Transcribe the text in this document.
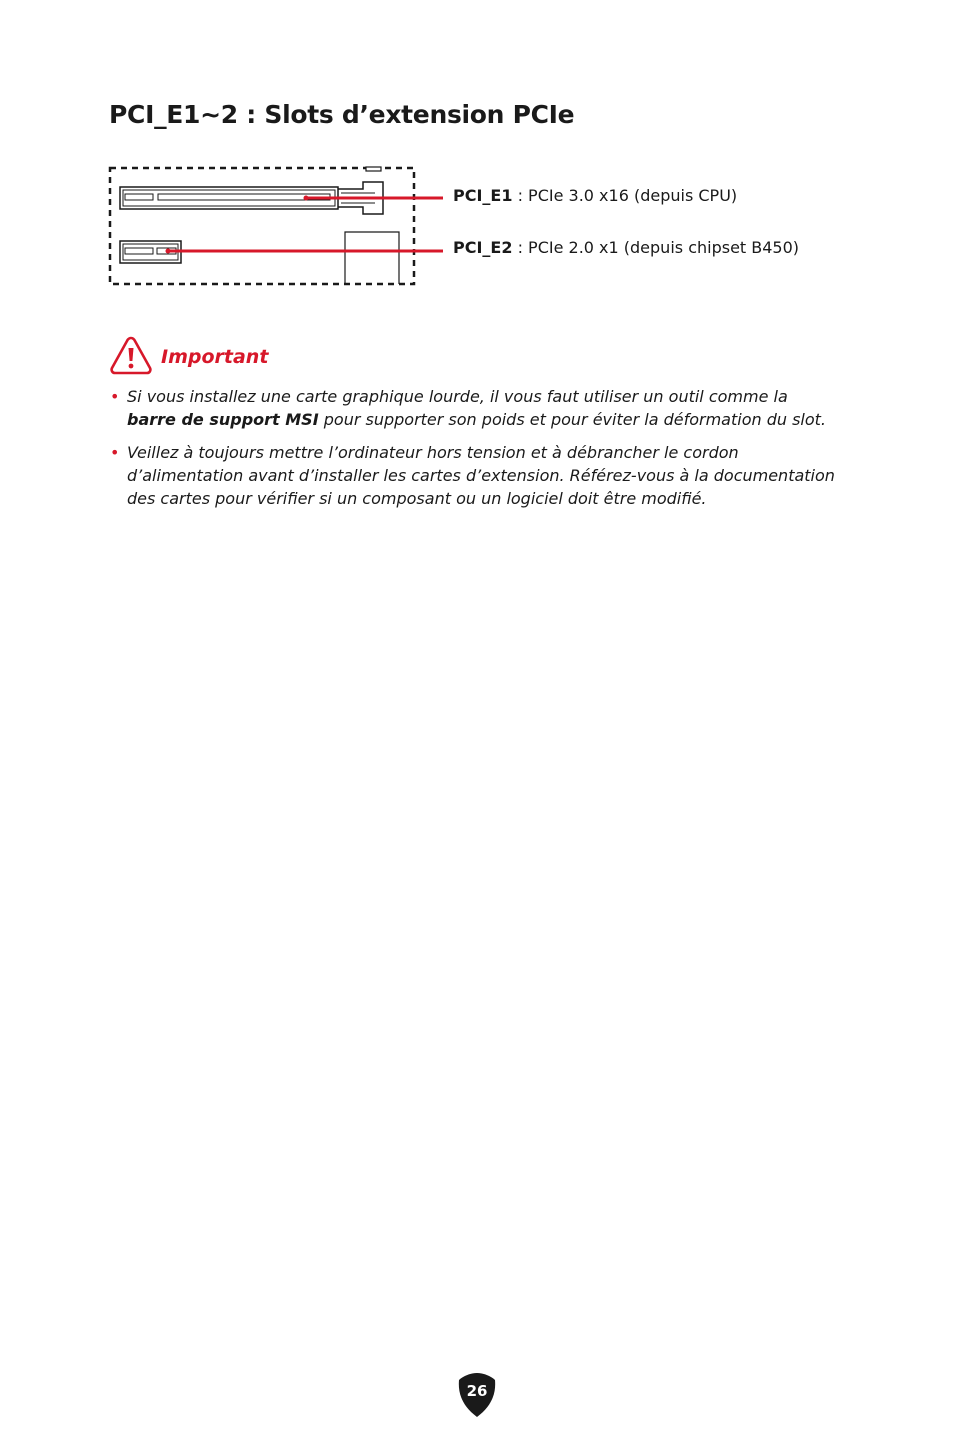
PCI_E1~2 : Slots d’extension PCIe
PCI_E1 : PCIe 3.0 x16 (depuis CPU)
PCI_E2 : PCIe 2.0 x1 (depuis chipset B450)
Important
• Si vous installez une carte graphique lourde, il vous faut utiliser un outil comme la barre de support MSI pour supporter son poids et pour éviter la déformation du slot.
• Veillez à toujours mettre l’ordinateur hors tension et à débrancher le cordon d’alimentation avant d’installer les cartes d’extension. Référez-vous à la documentation des cartes pour vérifier si un composant ou un logiciel doit être modifié.
26
